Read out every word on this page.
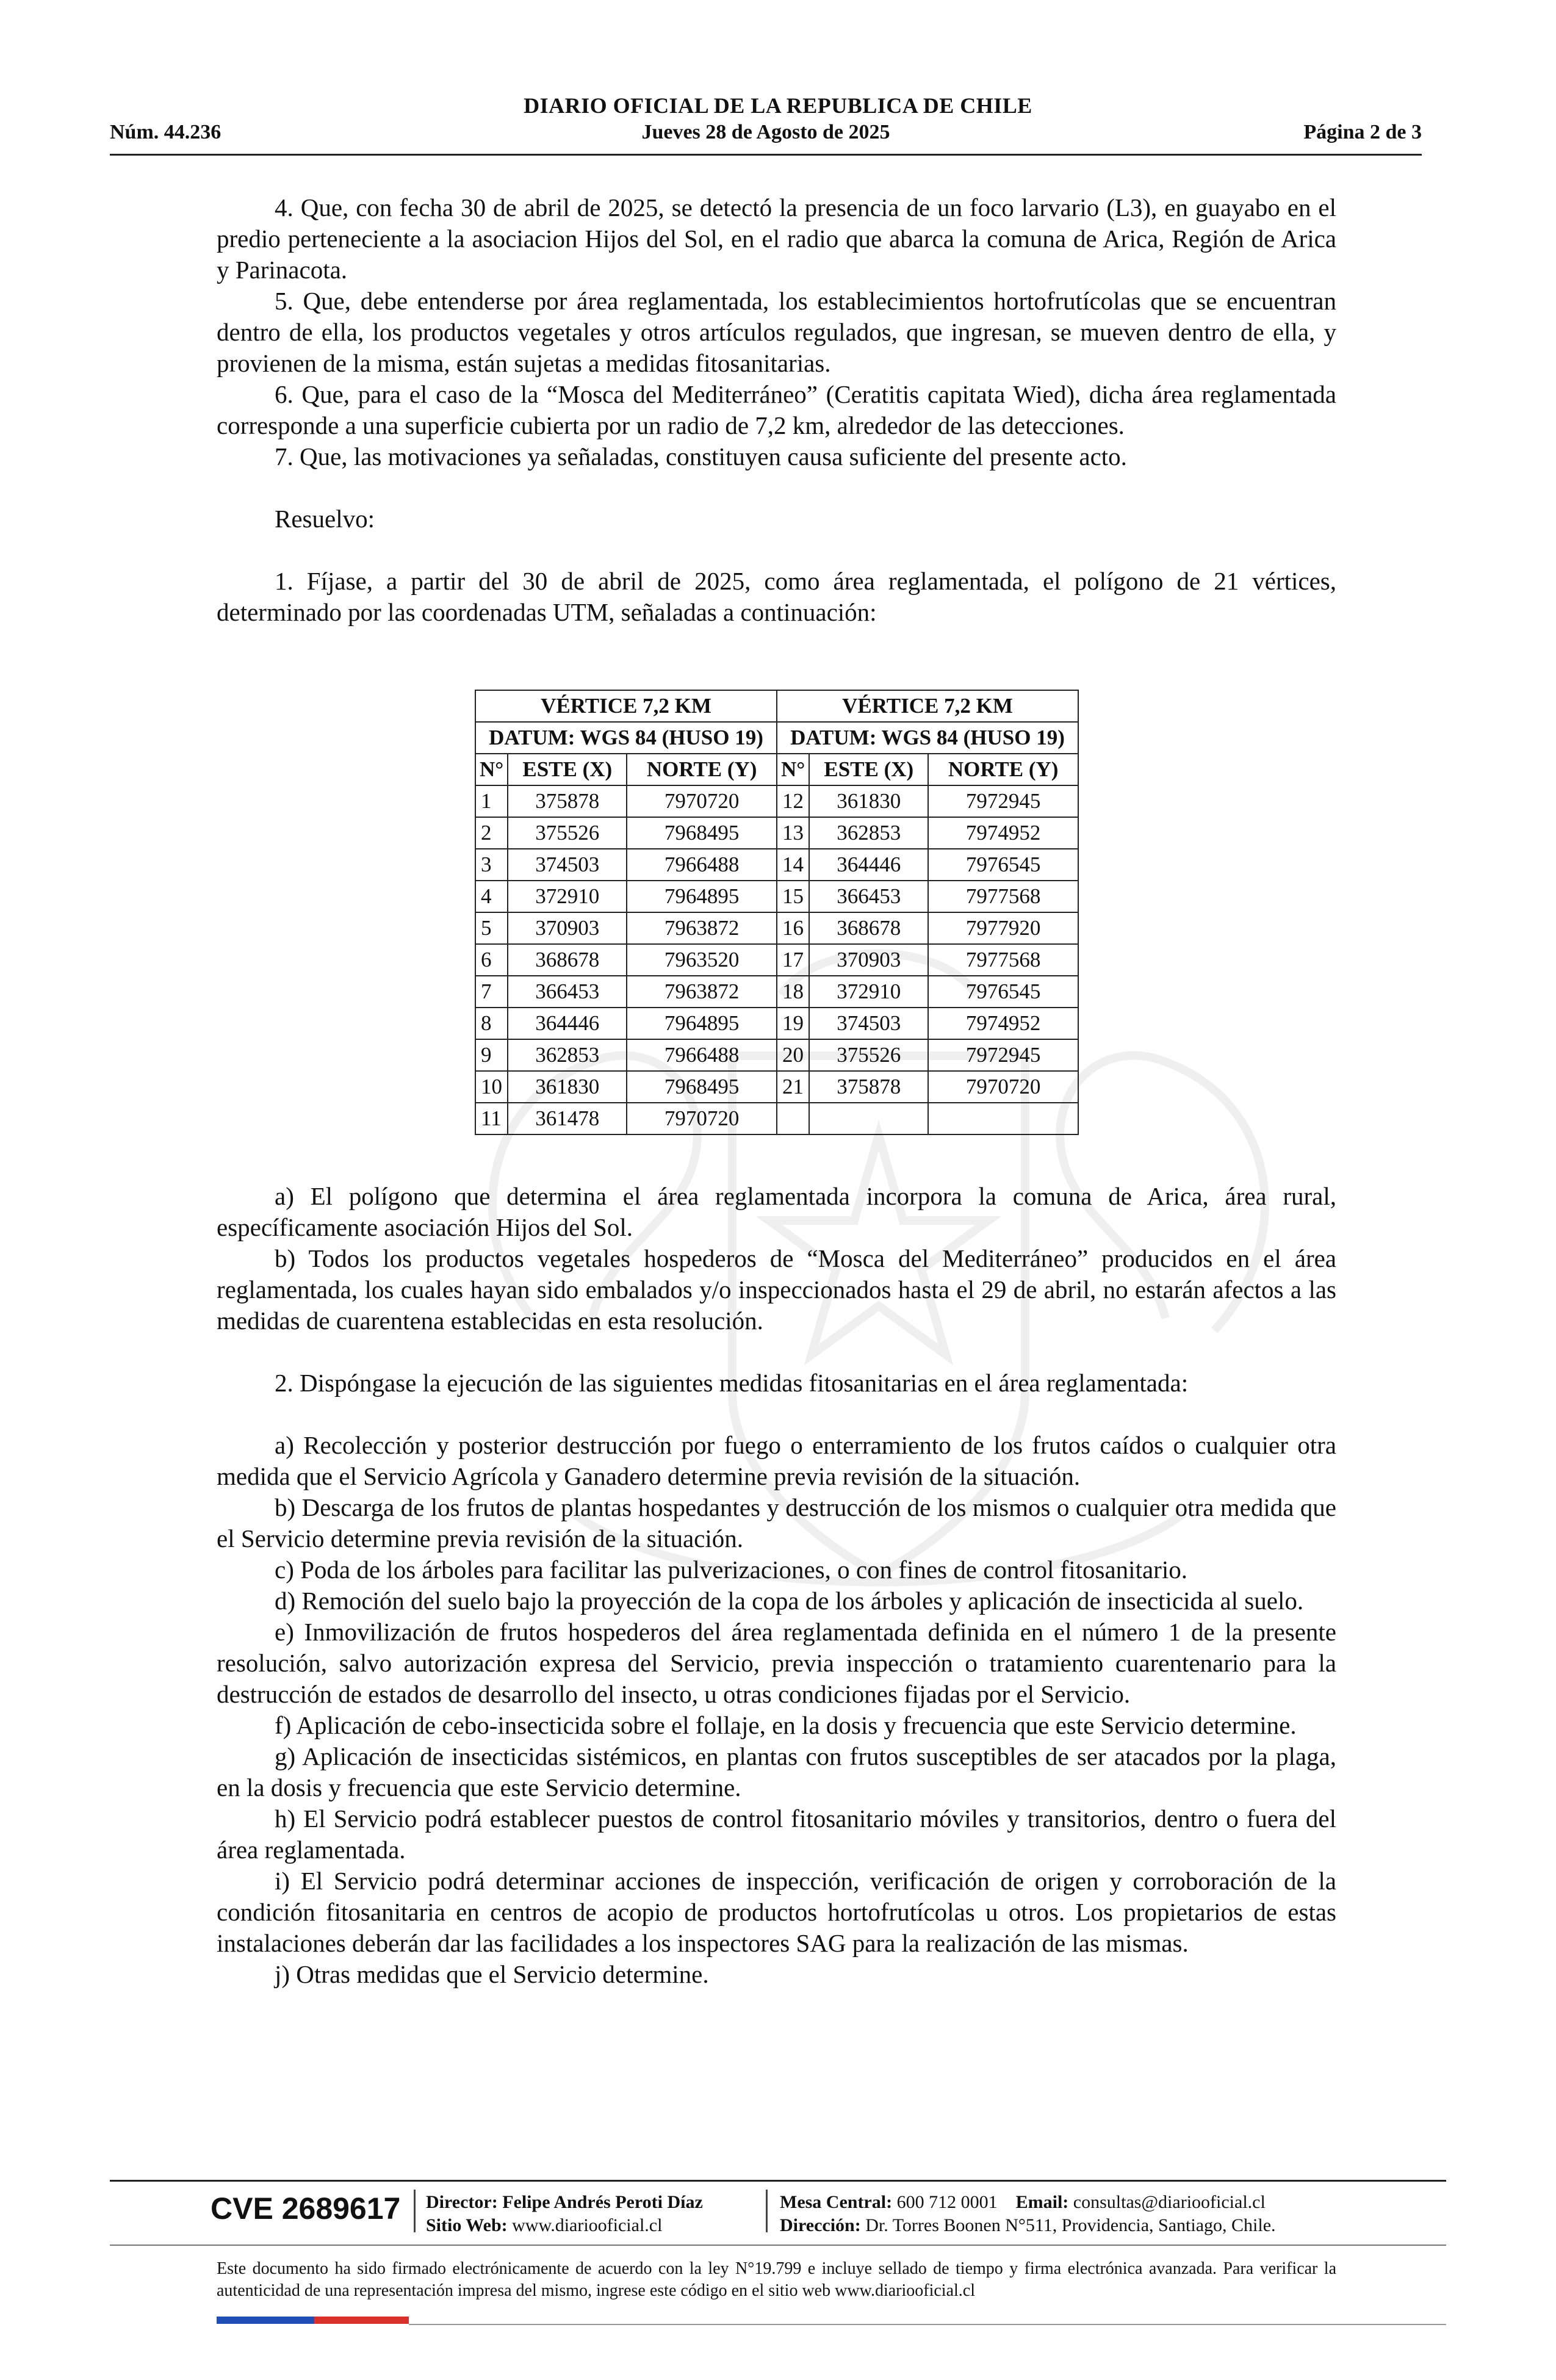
DIARIO OFICIAL DE LA REPUBLICA DE CHILE
Núm. 44.236	Jueves 28 de Agosto de 2025	Página 2 de 3

4. Que, con fecha 30 de abril de 2025, se detectó la presencia de un foco larvario (L3), en guayabo en el predio perteneciente a la asociacion Hijos del Sol, en el radio que abarca la comuna de Arica, Región de Arica y Parinacota.

5. Que, debe entenderse por área reglamentada, los establecimientos hortofrutícolas que se encuentran dentro de ella, los productos vegetales y otros artículos regulados, que ingresan, se mueven dentro de ella, y provienen de la misma, están sujetas a medidas fitosanitarias.

6. Que, para el caso de la “Mosca del Mediterráneo” (Ceratitis capitata Wied), dicha área reglamentada corresponde a una superficie cubierta por un radio de 7,2 km, alrededor de las detecciones.

7. Que, las motivaciones ya señaladas, constituyen causa suficiente del presente acto.

Resuelvo:

1. Fíjase, a partir del 30 de abril de 2025, como área reglamentada, el polígono de 21 vértices, determinado por las coordenadas UTM, señaladas a continuación:

VÉRTICE 7,2 KM			VÉRTICE 7,2 KM		
DATUM: WGS 84 (HUSO 19)			DATUM: WGS 84 (HUSO 19)		
N°	ESTE (X)	NORTE (Y)	N°	ESTE (X)	NORTE (Y)
1	375878	7970720	12	361830	7972945
2	375526	7968495	13	362853	7974952
3	374503	7966488	14	364446	7976545
4	372910	7964895	15	366453	7977568
5	370903	7963872	16	368678	7977920
6	368678	7963520	17	370903	7977568
7	366453	7963872	18	372910	7976545
8	364446	7964895	19	374503	7974952
9	362853	7966488	20	375526	7972945
10	361830	7968495	21	375878	7970720
11	361478	7970720			

a) El polígono que determina el área reglamentada incorpora la comuna de Arica, área rural, específicamente asociación Hijos del Sol.

b) Todos los productos vegetales hospederos de “Mosca del Mediterráneo” producidos en el área reglamentada, los cuales hayan sido embalados y/o inspeccionados hasta el 29 de abril, no estarán afectos a las medidas de cuarentena establecidas en esta resolución.

2. Dispóngase la ejecución de las siguientes medidas fitosanitarias en el área reglamentada:

a) Recolección y posterior destrucción por fuego o enterramiento de los frutos caídos o cualquier otra medida que el Servicio Agrícola y Ganadero determine previa revisión de la situación.

b) Descarga de los frutos de plantas hospedantes y destrucción de los mismos o cualquier otra medida que el Servicio determine previa revisión de la situación.

c) Poda de los árboles para facilitar las pulverizaciones, o con fines de control fitosanitario.

d) Remoción del suelo bajo la proyección de la copa de los árboles y aplicación de insecticida al suelo.

e) Inmovilización de frutos hospederos del área reglamentada definida en el número 1 de la presente resolución, salvo autorización expresa del Servicio, previa inspección o tratamiento cuarentenario para la destrucción de estados de desarrollo del insecto, u otras condiciones fijadas por el Servicio.

f) Aplicación de cebo-insecticida sobre el follaje, en la dosis y frecuencia que este Servicio determine.

g) Aplicación de insecticidas sistémicos, en plantas con frutos susceptibles de ser atacados por la plaga, en la dosis y frecuencia que este Servicio determine.

h) El Servicio podrá establecer puestos de control fitosanitario móviles y transitorios, dentro o fuera del área reglamentada.

i) El Servicio podrá determinar acciones de inspección, verificación de origen y corroboración de la condición fitosanitaria en centros de acopio de productos hortofrutícolas u otros. Los propietarios de estas instalaciones deberán dar las facilidades a los inspectores SAG para la realización de las mismas.

j) Otras medidas que el Servicio determine.

CVE 2689617 Director: Felipe Andrés Peroti Díaz
Sitio Web: www.diariooficial.cl
Mesa Central: 600 712 0001 Email: consultas@diariooficial.cl
Dirección: Dr. Torres Boonen N°511, Providencia, Santiago, Chile.
Este documento ha sido firmado electrónicamente de acuerdo con la ley N°19.799 e incluye sellado de tiempo y firma electrónica avanzada. Para verificar la autenticidad de una representación impresa del mismo, ingrese este código en el sitio web www.diariooficial.cl
